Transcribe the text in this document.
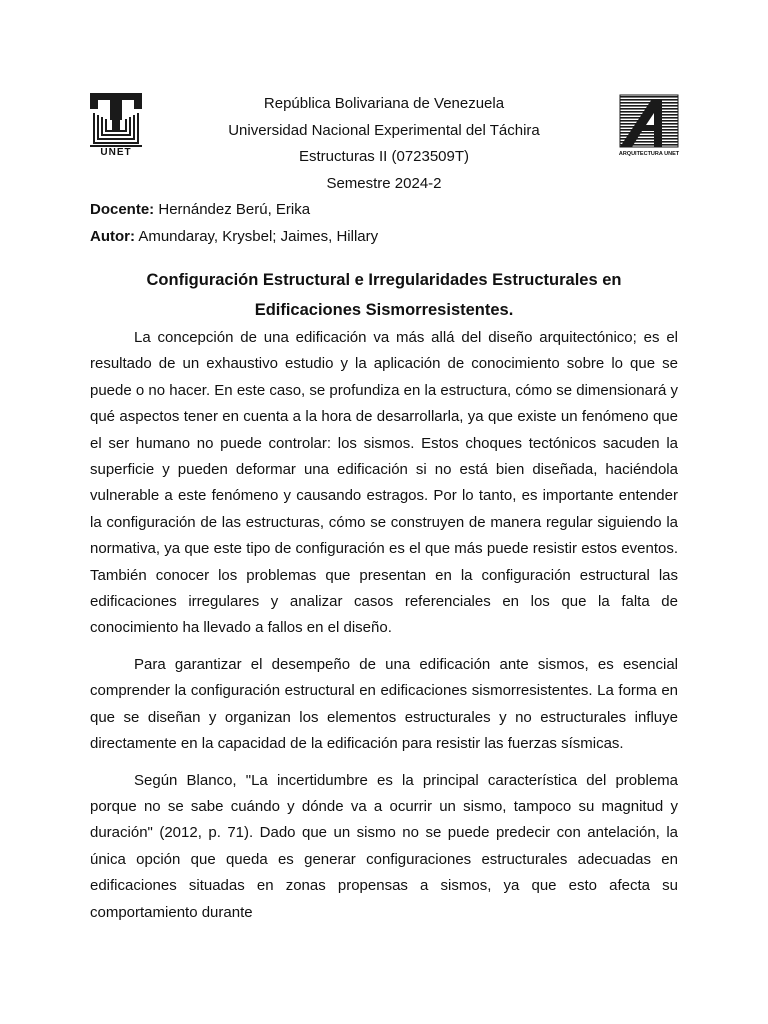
UNET	ARQUITECTURA UNET
República Bolivariana de Venezuela
Universidad Nacional Experimental del Táchira
Estructuras II (0723509T)
Semestre 2024-2
Docente: Hernández Berú, Erika
Autor: Amundaray, Krysbel; Jaimes, Hillary
Configuración Estructural e Irregularidades Estructurales en
Edificaciones Sismorresistentes.

La concepción de una edificación va más allá del diseño arquitectónico; es el resultado de un exhaustivo estudio y la aplicación de conocimiento sobre lo que se puede o no hacer. En este caso, se profundiza en la estructura, cómo se dimensionará y qué aspectos tener en cuenta a la hora de desarrollarla, ya que existe un fenómeno que el ser humano no puede controlar: los sismos. Estos choques tectónicos sacuden la superficie y pueden deformar una edificación si no está bien diseñada, haciéndola vulnerable a este fenómeno y causando estragos. Por lo tanto, es importante entender la configuración de las estructuras, cómo se construyen de manera regular siguiendo la normativa, ya que este tipo de configuración es el que más puede resistir estos eventos. También conocer los problemas que presentan en la configuración estructural las edificaciones irregulares y analizar casos referenciales en los que la falta de conocimiento ha llevado a fallos en el diseño.

Para garantizar el desempeño de una edificación ante sismos, es esencial comprender la configuración estructural en edificaciones sismorresistentes. La forma en que se diseñan y organizan los elementos estructurales y no estructurales influye directamente en la capacidad de la edificación para resistir las fuerzas sísmicas.

Según Blanco, "La incertidumbre es la principal característica del problema porque no se sabe cuándo y dónde va a ocurrir un sismo, tampoco su magnitud y duración" (2012, p. 71). Dado que un sismo no se puede predecir con antelación, la única opción que queda es generar configuraciones estructurales adecuadas en edificaciones situadas en zonas propensas a sismos, ya que esto afecta su comportamiento durante
